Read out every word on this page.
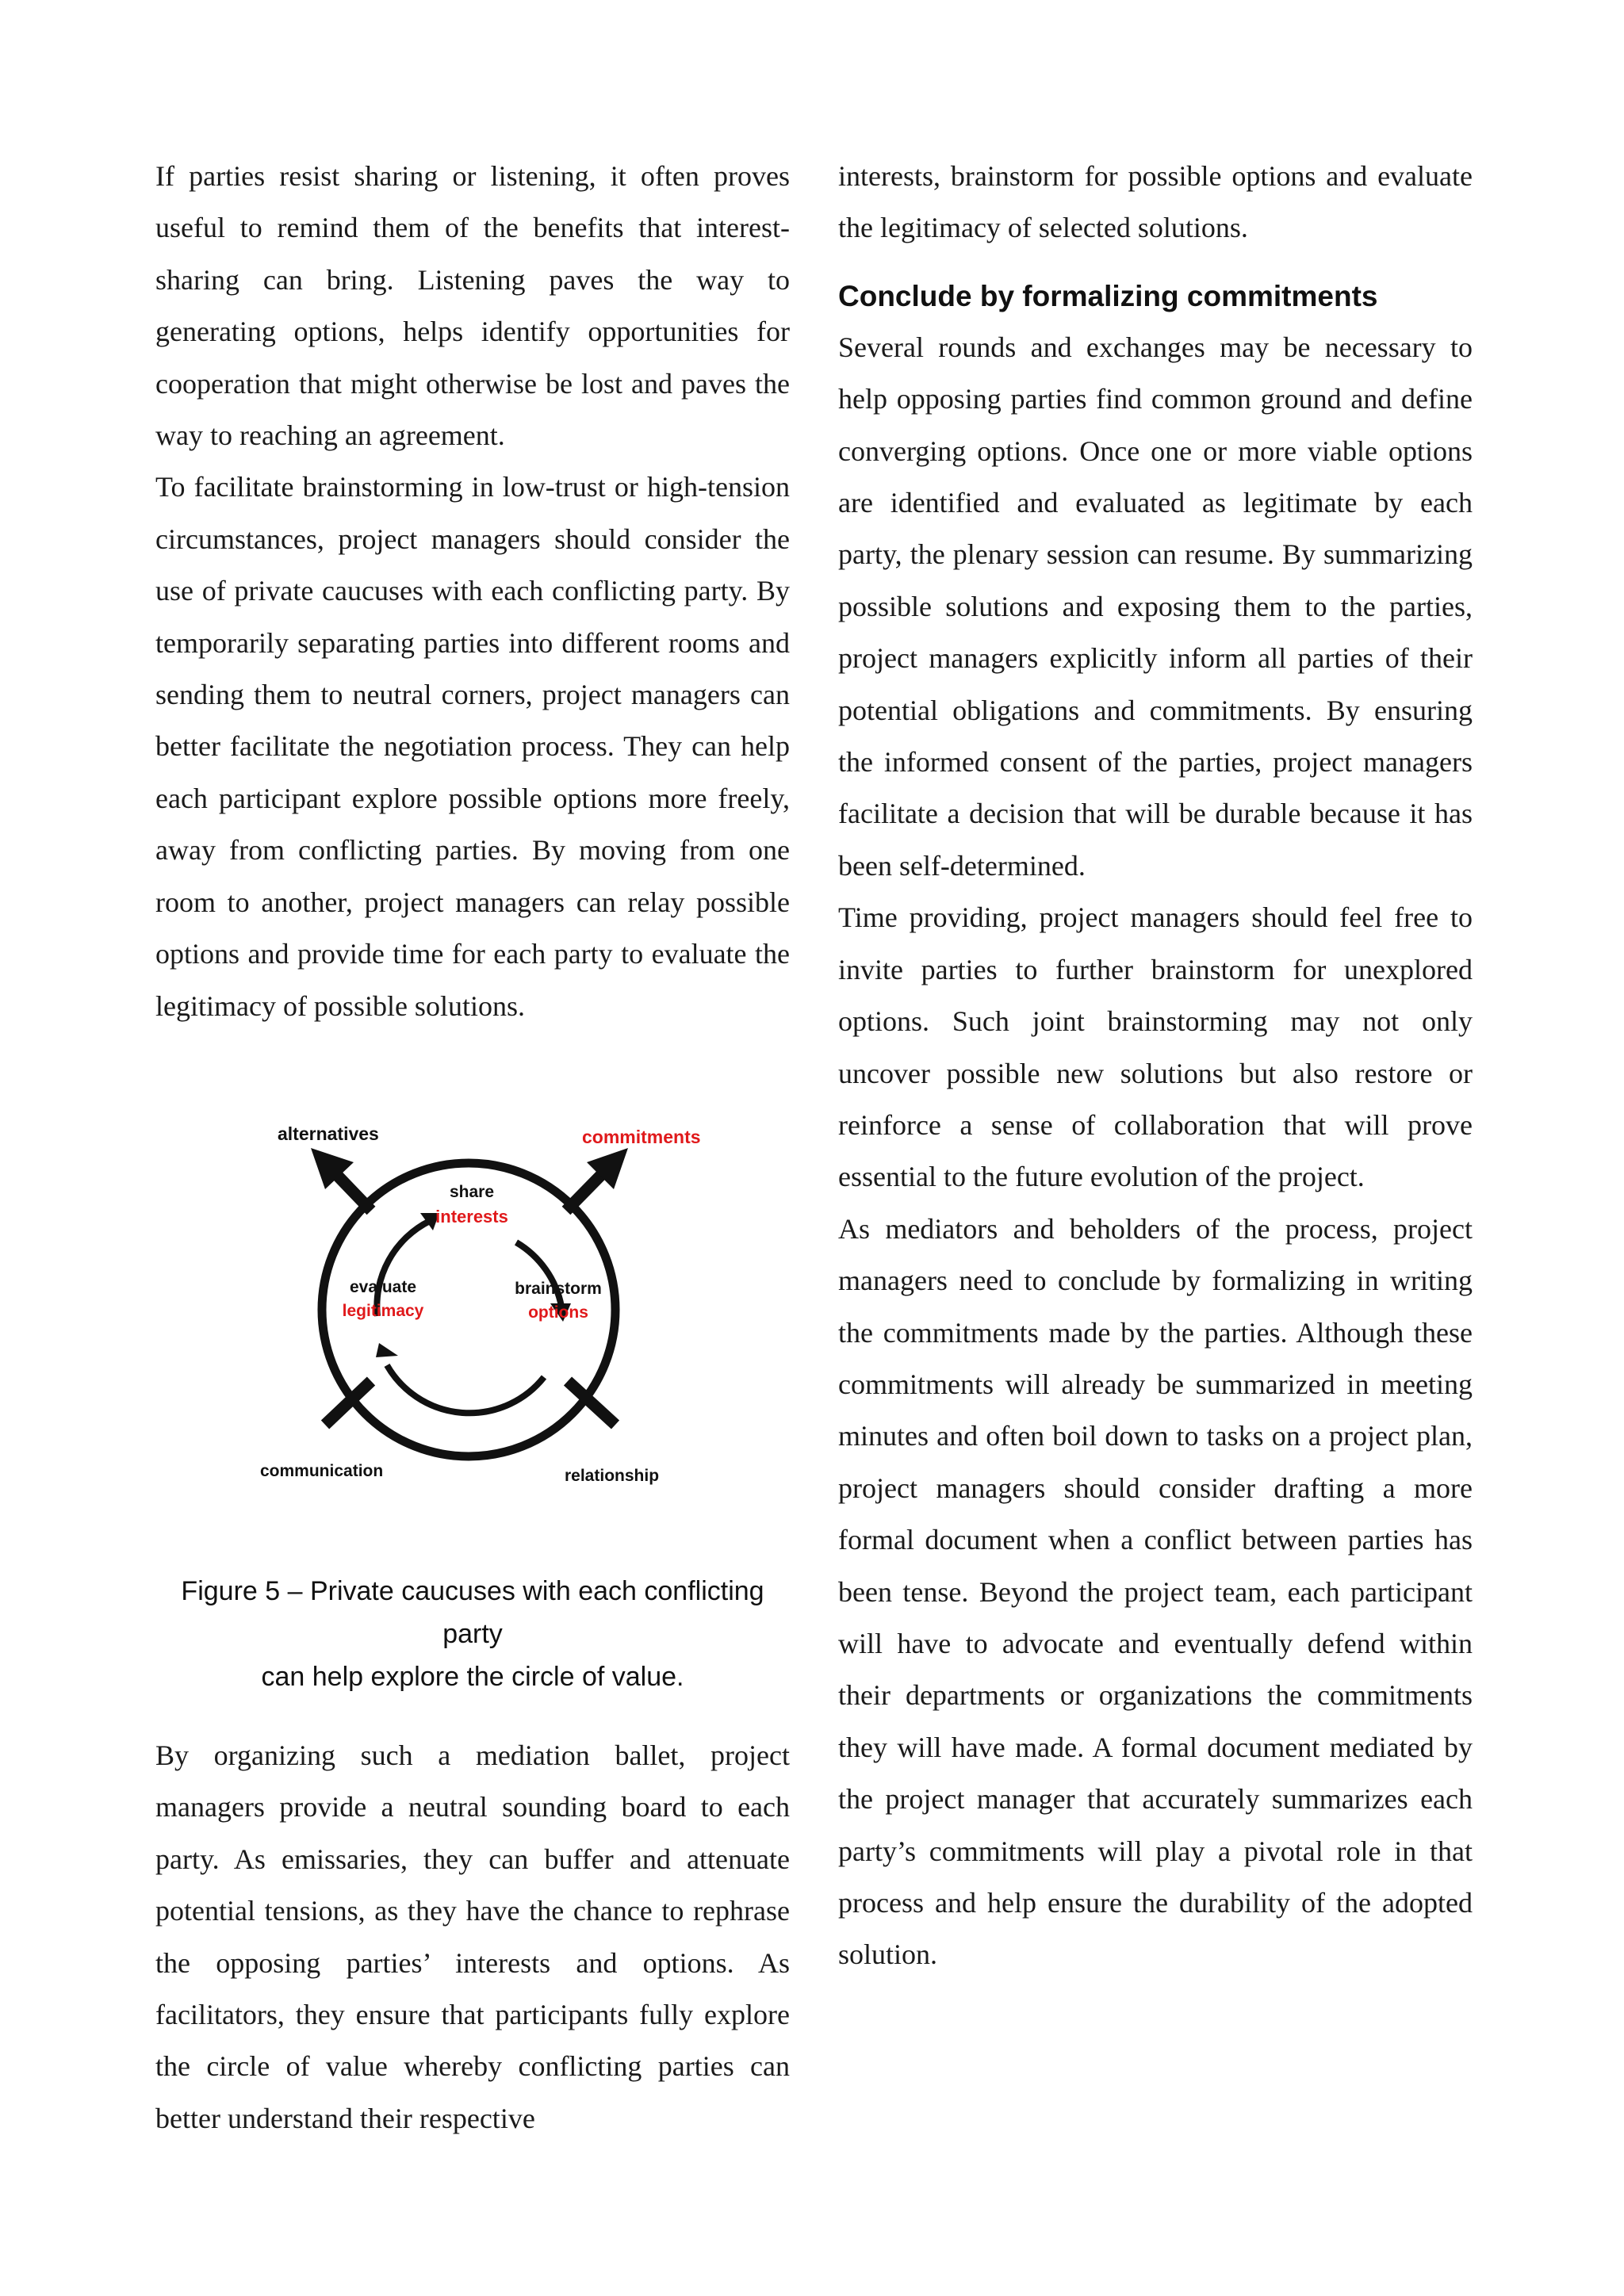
If parties resist sharing or listening, it often proves useful to remind them of the benefits that interest-sharing can bring. Listening paves the way to generating options, helps identify opportunities for cooperation that might otherwise be lost and paves the way to reaching an agreement.

To facilitate brainstorming in low-trust or high-tension circumstances, project managers should consider the use of private caucuses with each conflicting party. By temporarily separating parties into different rooms and sending them to neutral corners, project managers can better facilitate the negotiation process. They can help each participant explore possible options more freely, away from conflicting parties. By moving from one room to another, project managers can relay possible options and provide time for each party to evaluate the legitimacy of possible solutions.

alternatives	commitments
share
interests
evaluate
legitimacy
brainstorm
options
communication	relationship
Figure 5 – Private caucuses with each conflicting party
can help explore the circle of value.

By organizing such a mediation ballet, project managers provide a neutral sounding board to each party. As emissaries, they can buffer and attenuate potential tensions, as they have the chance to rephrase the opposing parties’ interests and options. As facilitators, they ensure that participants fully explore the circle of value whereby conflicting parties can better understand their respective

interests, brainstorm for possible options and evaluate the legitimacy of selected solutions.

Conclude by formalizing commitments

Several rounds and exchanges may be necessary to help opposing parties find common ground and define converging options. Once one or more viable options are identified and evaluated as legitimate by each party, the plenary session can resume. By summarizing possible solutions and exposing them to the parties, project managers explicitly inform all parties of their potential obligations and commitments. By ensuring the informed consent of the parties, project managers facilitate a decision that will be durable because it has been self-determined.

Time providing, project managers should feel free to invite parties to further brainstorm for unexplored options. Such joint brainstorming may not only uncover possible new solutions but also restore or reinforce a sense of collaboration that will prove essential to the future evolution of the project.

As mediators and beholders of the process, project managers need to conclude by formalizing in writing the commitments made by the parties. Although these commitments will already be summarized in meeting minutes and often boil down to tasks on a project plan, project managers should consider drafting a more formal document when a conflict between parties has been tense. Beyond the project team, each participant will have to advocate and eventually defend within their departments or organizations the commitments they will have made. A formal document mediated by the project manager that accurately summarizes each party’s commitments will play a pivotal role in that process and help ensure the durability of the adopted solution.
